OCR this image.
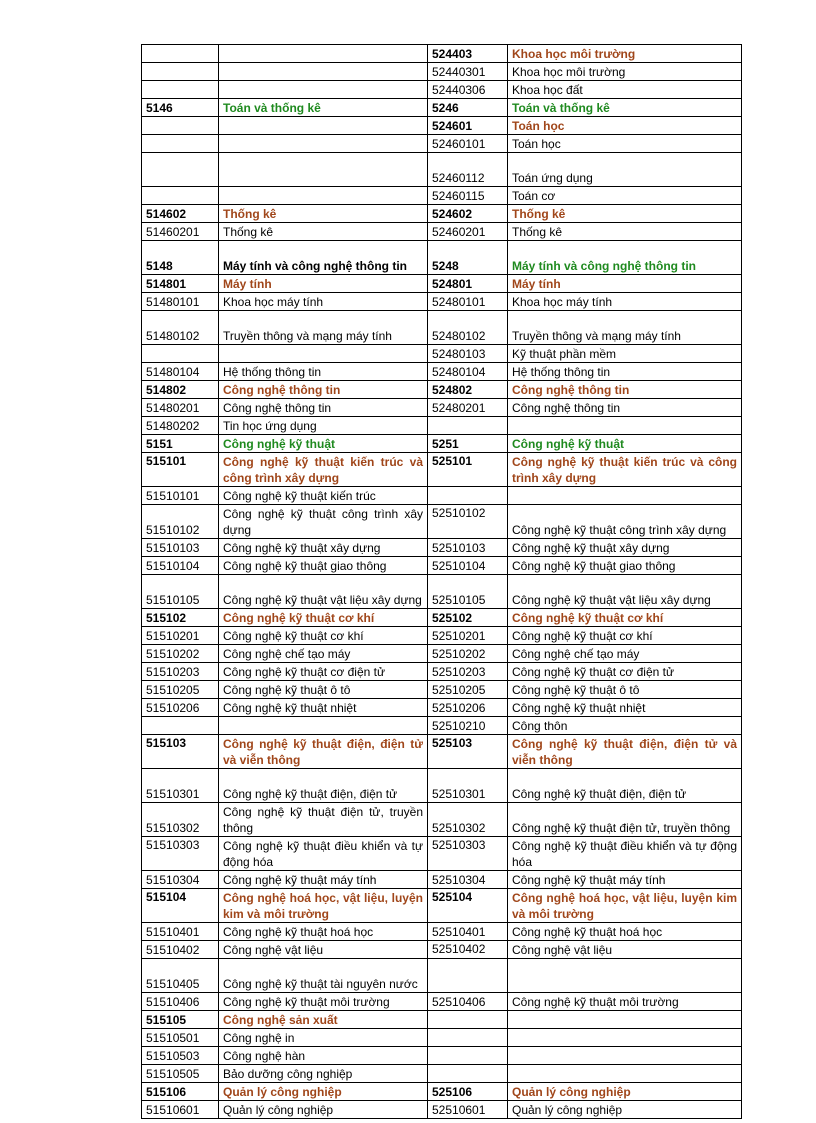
		524403	Khoa học môi trường
		52440301	Khoa học môi trường
		52440306	Khoa học đất
5146	Toán và thống kê	5246	Toán và thống kê
		524601	Toán học
		52460101	Toán học
		52460112	Toán ứng dụng
		52460115	Toán cơ
514602	Thống kê	524602	Thống kê
51460201	Thống kê	52460201	Thống kê
5148	Máy tính và công nghệ thông tin	5248	Máy tính và công nghệ thông tin
514801	Máy tính	524801	Máy tính
51480101	Khoa học máy tính	52480101	Khoa học máy tính
51480102	Truyền thông và mạng máy tính	52480102	Truyền thông và mạng máy tính
		52480103	Kỹ thuật phần mềm
51480104	Hệ thống thông tin	52480104	Hệ thống thông tin
514802	Công nghệ thông tin	524802	Công nghệ thông tin
51480201	Công nghệ thông tin	52480201	Công nghệ thông tin
51480202	Tin học ứng dụng		
5151	Công nghệ kỹ thuật	5251	Công nghệ kỹ thuật
515101	Công nghệ kỹ thuật kiến trúc và công trình xây dựng	525101	Công nghệ kỹ thuật kiến trúc và công trình xây dựng
51510101	Công nghệ kỹ thuật kiến trúc		
51510102	Công nghệ kỹ thuật công trình xây dựng	52510102	Công nghệ kỹ thuật công trình xây dựng
51510103	Công nghệ kỹ thuật xây dựng	52510103	Công nghệ kỹ thuật xây dựng
51510104	Công nghệ kỹ thuật giao thông	52510104	Công nghệ kỹ thuật giao thông
51510105	Công nghệ kỹ thuật vật liệu xây dựng	52510105	Công nghệ kỹ thuật vật liệu xây dựng
515102	Công nghệ kỹ thuật cơ khí	525102	Công nghệ kỹ thuật cơ khí
51510201	Công nghệ kỹ thuật cơ khí	52510201	Công nghệ kỹ thuật cơ khí
51510202	Công nghệ chế tạo máy	52510202	Công nghệ chế tạo máy
51510203	Công nghệ kỹ thuật cơ điện tử	52510203	Công nghệ kỹ thuật cơ điện tử
51510205	Công nghệ kỹ thuật ô tô	52510205	Công nghệ kỹ thuật ô tô
51510206	Công nghệ kỹ thuật nhiệt	52510206	Công nghệ kỹ thuật nhiệt
		52510210	Công thôn
515103	Công nghệ kỹ thuật điện, điện tử và viễn thông	525103	Công nghệ kỹ thuật điện, điện tử và viễn thông
51510301	Công nghệ kỹ thuật điện, điện tử	52510301	Công nghệ kỹ thuật điện, điện tử
51510302	Công nghệ kỹ thuật điện tử, truyền thông	52510302	Công nghệ kỹ thuật điện tử, truyền thông
51510303	Công nghệ kỹ thuật điều khiển và tự động hóa	52510303	Công nghệ kỹ thuật điều khiển và tự động hóa
51510304	Công nghệ kỹ thuật máy tính	52510304	Công nghệ kỹ thuật máy tính
515104	Công nghệ hoá học, vật liệu, luyện kim và môi trường	525104	Công nghệ hoá học, vật liệu, luyện kim và môi trường
51510401	Công nghệ kỹ thuật hoá học	52510401	Công nghệ kỹ thuật hoá học
51510402	Công nghệ vật liệu	52510402	Công nghệ vật liệu
51510405	Công nghệ kỹ thuật tài nguyên nước		
51510406	Công nghệ kỹ thuật môi trường	52510406	Công nghệ kỹ thuật môi trường
515105	Công nghệ sản xuất		
51510501	Công nghệ in		
51510503	Công nghệ hàn		
51510505	Bảo dưỡng công nghiệp		
515106	Quản lý công nghiệp	525106	Quản lý công nghiệp
51510601	Quản lý công nghiệp	52510601	Quản lý công nghiệp
